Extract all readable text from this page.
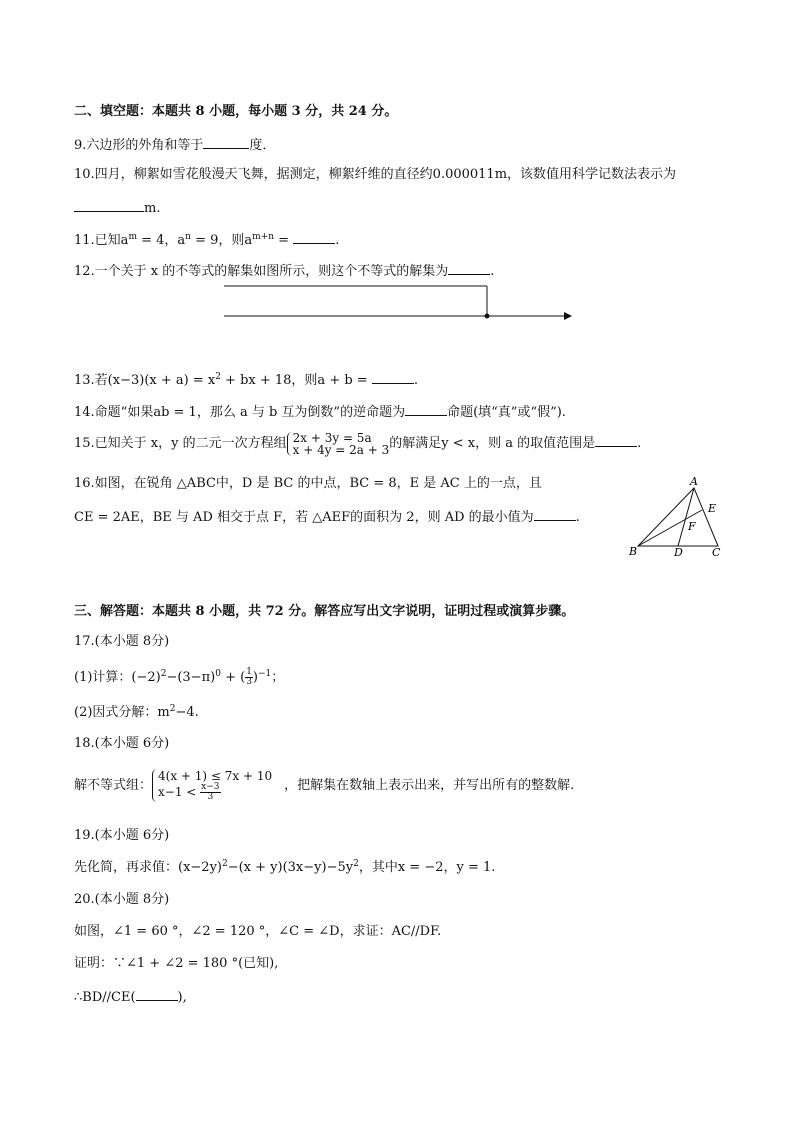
二、填空题：本题共 8 小题，每小题 3 分，共 24 分。
9.六边形的外角和等于	度．
10.四月，柳絮如雪花般漫天飞舞，据测定，柳絮纤维的直径约0.000011m，该数值用科学记数法表示为
m.
11.已知$a^m = 4$，$a^n = 9$，则$a^{m+n}$ =	.
12.一个关于 x 的不等式的解集如图所示，则这个不等式的解集为	.
13.若$(x-3)(x + a) = x^2$ + bx + 18，则a + b =	.
14.命题“如果ab = 1，那么 a 与 b 互为倒数”的逆命题为	命题(填“真”或“假”).
15.已知关于 x，y 的二元一次方程组 2x + 3y = 5a
x + 4y = 2a + 3 的解满足y < x，则 a 的取值范围是	.
16.如图，在锐角 △ABC中，D 是 BC 的中点，BC = 8，E 是 AC 上的一点，且
CE = 2AE，BE 与 AD 相交于点 F，若 △AEF的面积为 2，则 AD 的最小值为	.
A
B	C
D
E
F
三、解答题：本题共 8 小题，共 72 分。解答应写出文字说明，证明过程或演算步骤。
17.(本小题 8分)
(1)计算：$(-2)^2-(3-\pi)^0$ + ( $\frac{1}{3} )^{-1}$；
(2)因式分解：$m^2-4$.
18.(本小题 6分)
解不等式组：
4(x + 1) ≤ 7x + 10
$x-1 < \frac{x-3}{3}$	，把解集在数轴上表示出来，并写出所有的整数解.
19.(本小题 6分)
先化简，再求值：$(x-2y)^2-(x + y)(3x-y)-5y^2$，其中x = −2，y = 1.
20.(本小题 8分)
如图，∠1 = 60 °，∠2 = 120 °，∠C = ∠D，求证：AC//DF.
证明：∵∠1 + ∠2 = 180 °(已知),
∴BD//CE(	),
